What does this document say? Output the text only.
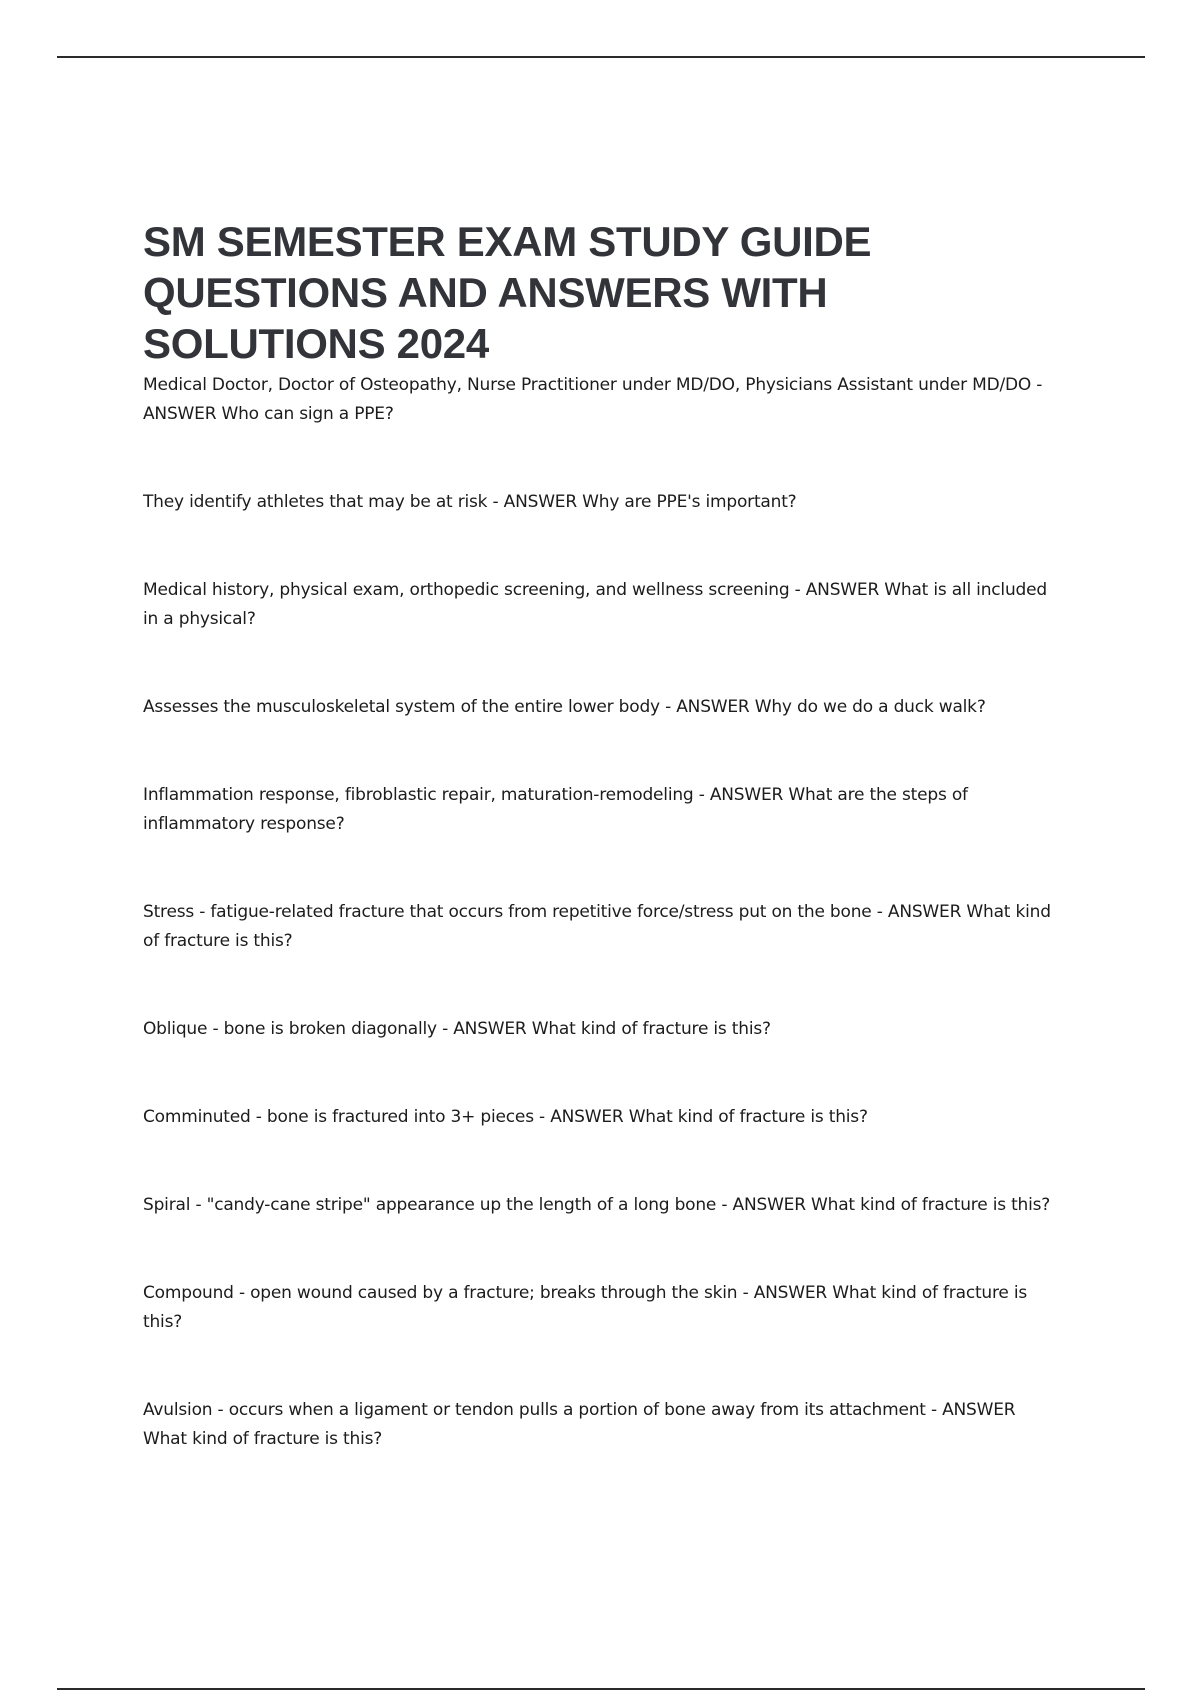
SM SEMESTER EXAM STUDY GUIDE
QUESTIONS AND ANSWERS WITH
SOLUTIONS 2024
Medical Doctor, Doctor of Osteopathy, Nurse Practitioner under MD/DO, Physicians Assistant under MD/DO - ANSWER Who can sign a PPE?
They identify athletes that may be at risk - ANSWER Why are PPE's important?
Medical history, physical exam, orthopedic screening, and wellness screening - ANSWER What is all included in a physical?
Assesses the musculoskeletal system of the entire lower body - ANSWER Why do we do a duck walk?
Inflammation response, fibroblastic repair, maturation-remodeling - ANSWER What are the steps of inflammatory response?
Stress - fatigue-related fracture that occurs from repetitive force/stress put on the bone - ANSWER What kind of fracture is this?
Oblique - bone is broken diagonally - ANSWER What kind of fracture is this?
Comminuted - bone is fractured into 3+ pieces - ANSWER What kind of fracture is this?
Spiral - "candy-cane stripe" appearance up the length of a long bone - ANSWER What kind of fracture is this?
Compound - open wound caused by a fracture; breaks through the skin - ANSWER What kind of fracture is this?
Avulsion - occurs when a ligament or tendon pulls a portion of bone away from its attachment - ANSWER What kind of fracture is this?
